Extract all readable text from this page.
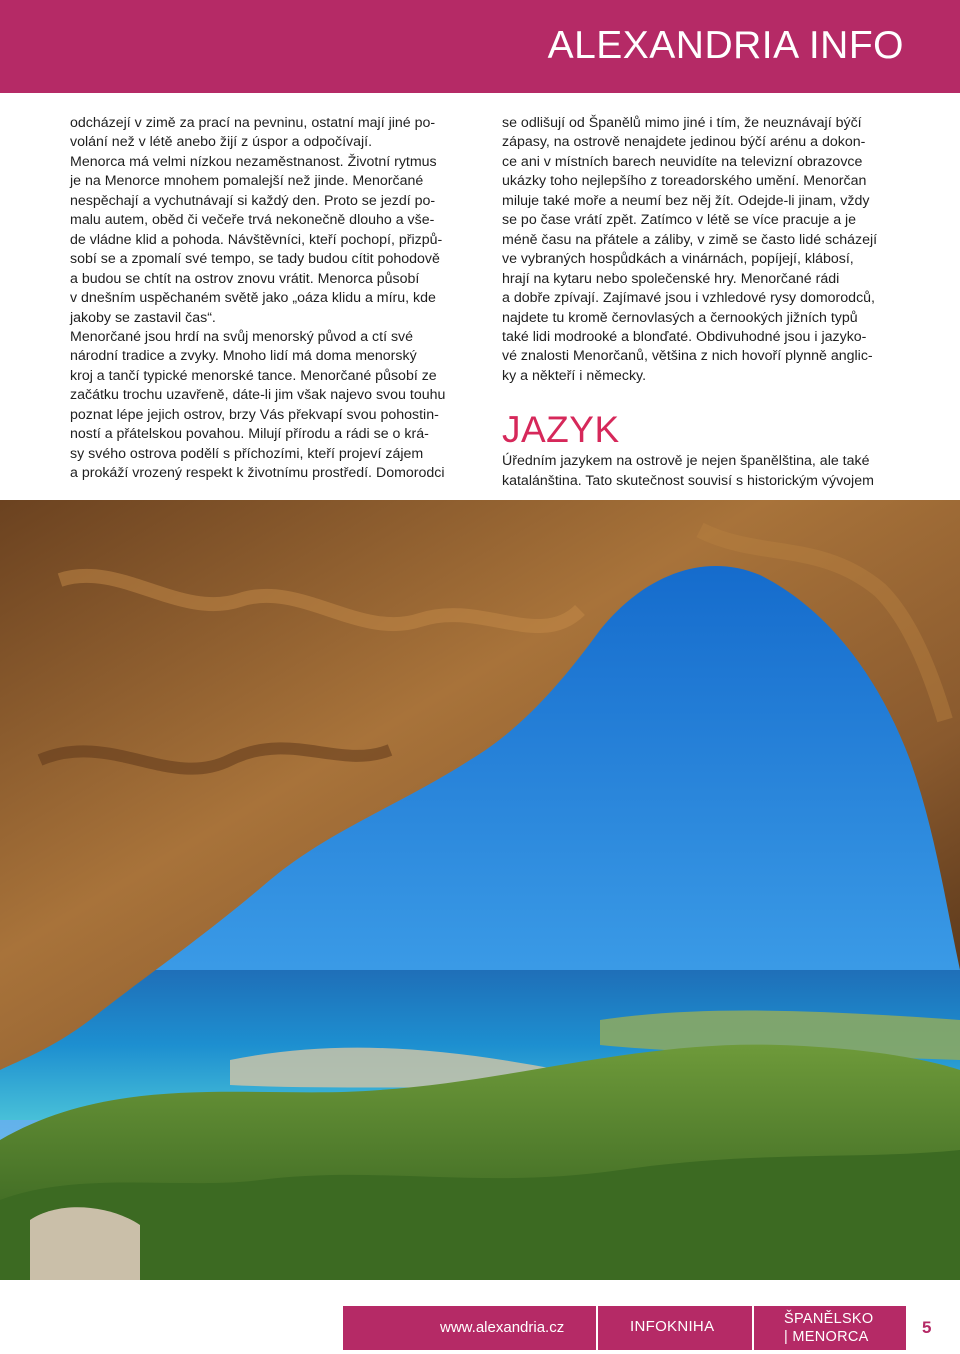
ALEXANDRIA INFO

odcházejí v zimě za prací na pevninu, ostatní mají jiné po-

volání než v létě anebo žijí z úspor a odpočívají.

Menorca má velmi nízkou nezaměstnanost. Životní rytmus

je na Menorce mnohem pomalejší než jinde. Menorčané

nespěchají a vychutnávají si každý den. Proto se jezdí po-

malu autem, oběd či večeře trvá nekonečně dlouho a vše-

de vládne klid a pohoda. Návštěvníci, kteří pochopí, přizpů-

sobí se a zpomalí své tempo, se tady budou cítit pohodově

a budou se chtít na ostrov znovu vrátit. Menorca působí

v dnešním uspěchaném světě jako „oáza klidu a míru, kde

jakoby se zastavil čas“.

Menorčané jsou hrdí na svůj menorský původ a ctí své

národní tradice a zvyky. Mnoho lidí má doma menorský

kroj a tančí typické menorské tance. Menorčané působí ze

začátku trochu uzavřeně, dáte-li jim však najevo svou touhu

poznat lépe jejich ostrov, brzy Vás překvapí svou pohostin-

ností a přátelskou povahou. Milují přírodu a rádi se o krá-

sy svého ostrova podělí s příchozími, kteří projeví zájem

a prokáží vrozený respekt k životnímu prostředí. Domorodci

se odlišují od Španělů mimo jiné i tím, že neuznávají býčí

zápasy, na ostrově nenajdete jedinou býčí arénu a dokon-

ce ani v místních barech neuvidíte na televizní obrazovce

ukázky toho nejlepšího z toreadorského umění. Menorčan

miluje také moře a neumí bez něj žít. Odejde-li jinam, vždy

se po čase vrátí zpět. Zatímco v létě se více pracuje a je

méně času na přátele a záliby, v zimě se často lidé scházejí

ve vybraných hospůdkách a vinárnách, popíjejí, klábosí,

hrají na kytaru nebo společenské hry. Menorčané rádi

a dobře zpívají. Zajímavé jsou i vzhledové rysy domorodců,

najdete tu kromě černovlasých a černookých jižních typů

také lidi modrooké a blonďaté. Obdivuhodné jsou i jazyko-

vé znalosti Menorčanů, většina z nich hovoří plynně anglic-

ky a někteří i německy.

JAZYK

Úředním jazykem na ostrově je nejen španělština, ale také

katalánština. Tato skutečnost souvisí s historickým vývojem

www.alexandria.cz	INFOKNIHA	ŠPANĚLSKO
| MENORCA	5
